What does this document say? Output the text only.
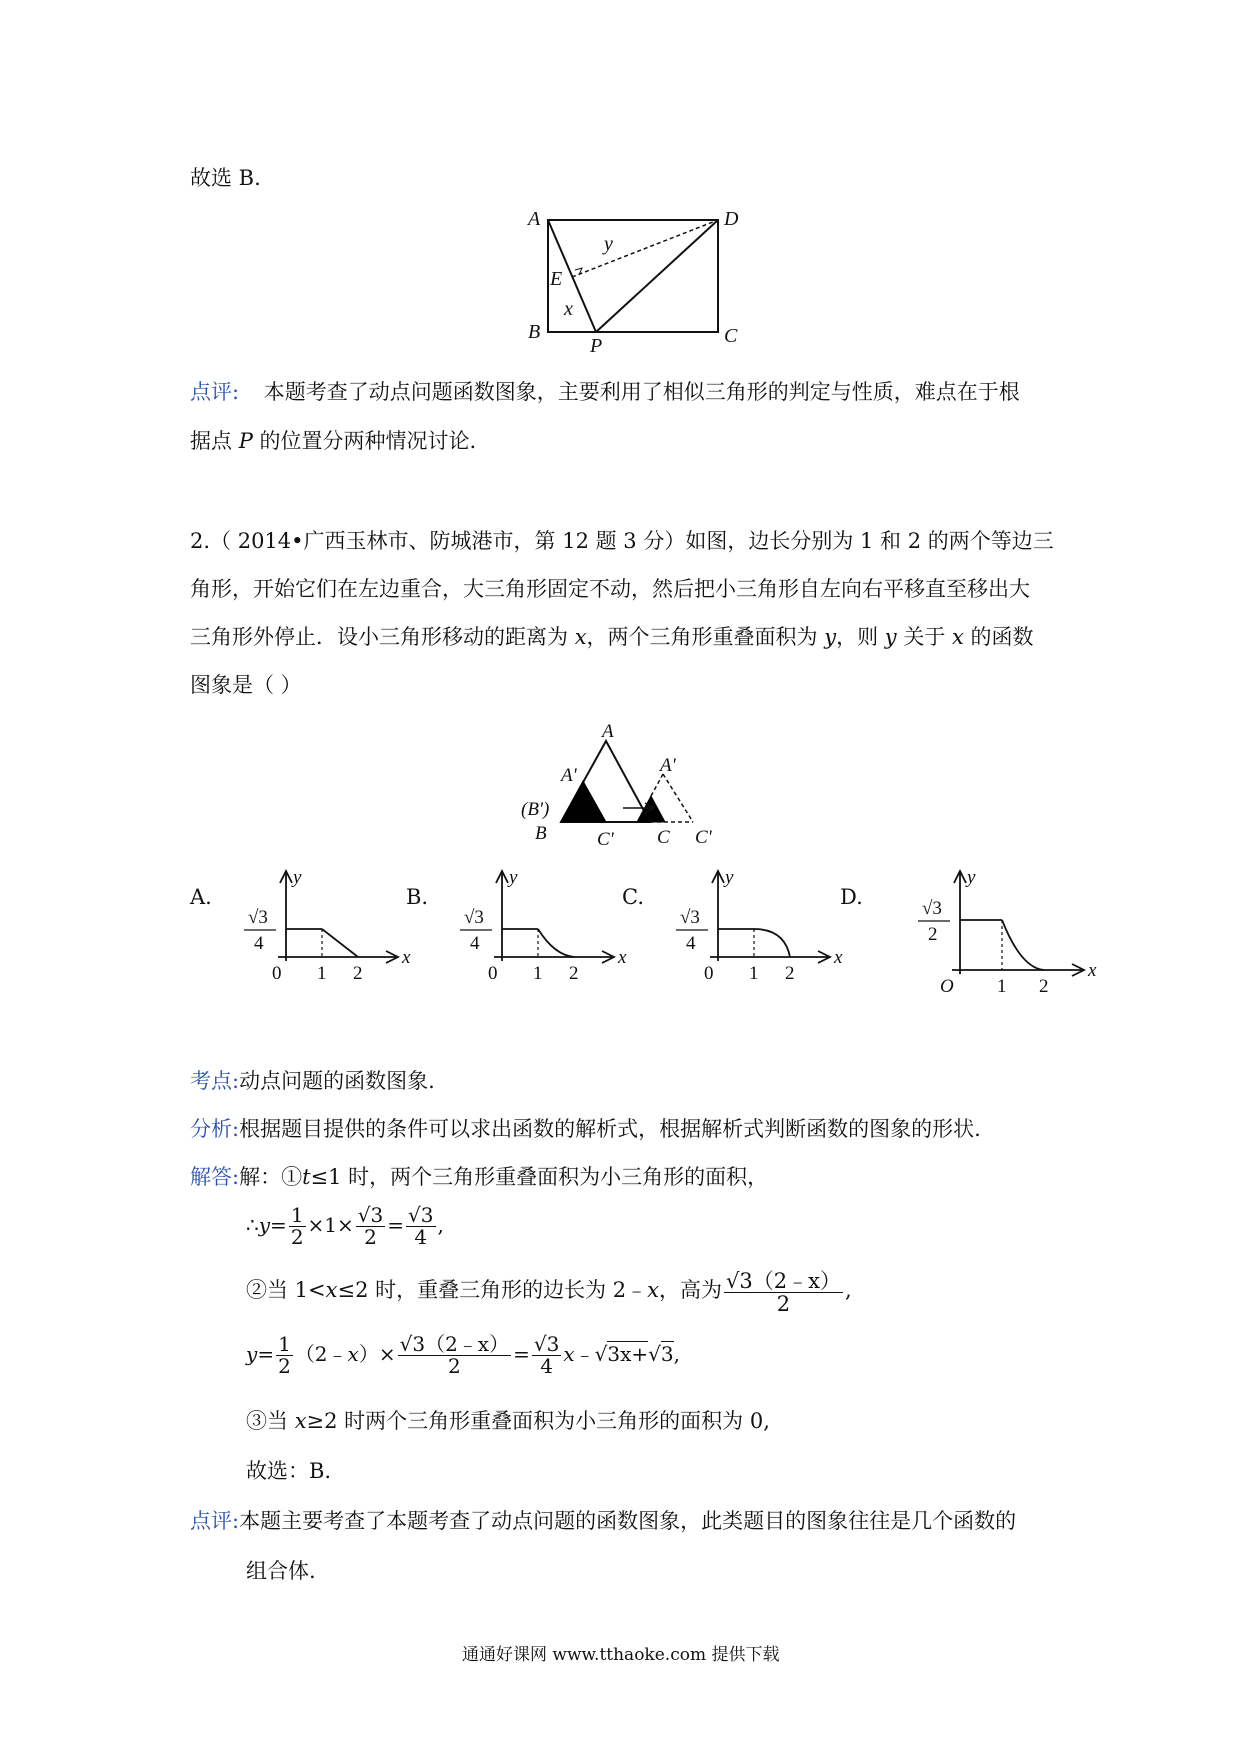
故选 B.
A	D
B	C
E
P
x
y
点评: 本题考查了动点问题函数图象，主要利用了相似三角形的判定与性质，难点在于根
据点 P 的位置分两种情况讨论.
2.（ 2014•广西玉林市、防城港市，第 12 题 3 分）如图，边长分别为 1 和 2 的两个等边三
角形，开始它们在左边重合，大三角形固定不动，然后把小三角形自左向右平移直至移出大
三角形外停止．设小三角形移动的距离为 x，两个三角形重叠面积为 y，则 y 关于 x 的函数
图象是（ ）
A
A'	A'
(B')
B	C' C C'
A.
y
x
0 1 2
√3
4
B.
y
x
0 1 2
√3
4
C.
y
x
0 1 2
√3
4
D.
y
x
O 1 2
√3
2
考点:动点问题的函数图象.
分析:根据题目提供的条件可以求出函数的解析式，根据解析式判断函数的图象的形状.
解答:解：①t≤1 时，两个三角形重叠面积为小三角形的面积，
∴y= $\frac{1}{2} \times 1\times \frac{√3}{2} = \frac{√3}{4}$ ,
②当 1<x≤2 时，重叠三角形的边长为 2﹣x，高为 $\frac{√3(2﹣x)}{2}$ ,
$y= \frac{1}{2}$ （2﹣x）× $\frac{√3(2﹣x)}{2} = \frac{√3}{4}$ x﹣√3x+√3,
③当 x≥2 时两个三角形重叠面积为小三角形的面积为 0,
故选：B.
点评:本题主要考查了本题考查了动点问题的函数图象，此类题目的图象往往是几个函数的
组合体.
通通好课网 www.tthaoke.com 提供下载
